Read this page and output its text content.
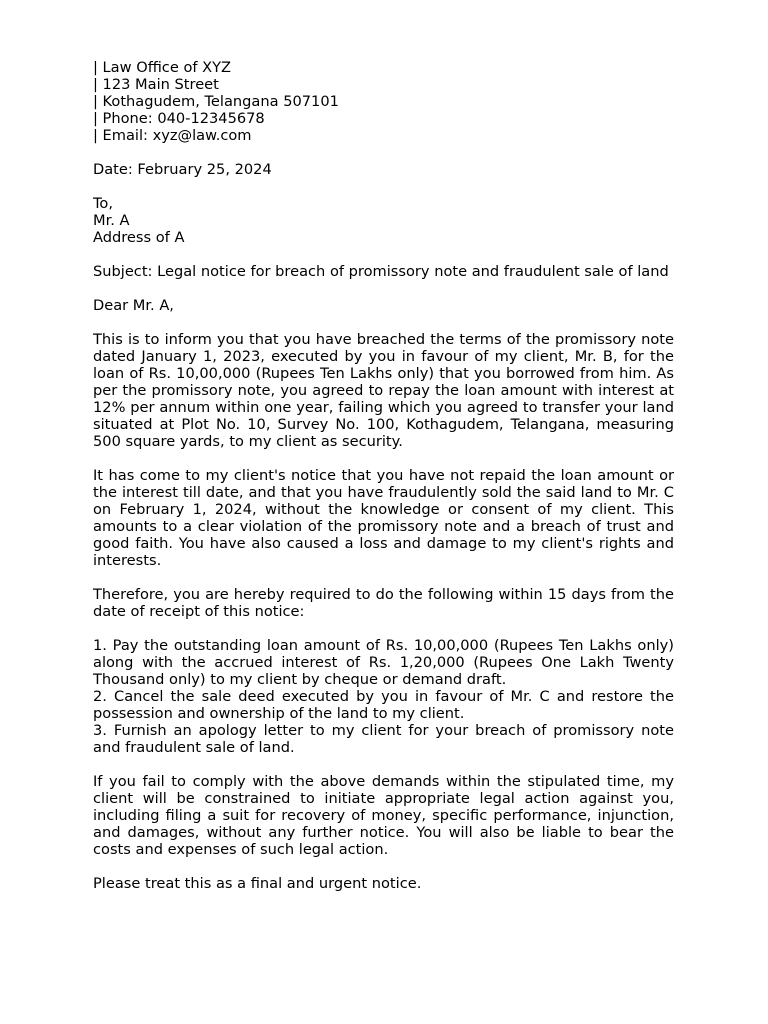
| Law Office of XYZ
| 123 Main Street
| Kothagudem, Telangana 507101
| Phone: 040-12345678
| Email: xyz@law.com
Date: February 25, 2024
To,
Mr. A
Address of A

Subject: Legal notice for breach of promissory note and fraudulent sale of land

Dear Mr. A,

This is to inform you that you have breached the terms of the promissory note dated January 1, 2023, executed by you in favour of my client, Mr. B, for the loan of Rs. 10,00,000 (Rupees Ten Lakhs only) that you borrowed from him. As per the promissory note, you agreed to repay the loan amount with interest at 12% per annum within one year, failing which you agreed to transfer your land situated at Plot No. 10, Survey No. 100, Kothagudem, Telangana, measuring 500 square yards, to my client as security.

It has come to my client's notice that you have not repaid the loan amount or the interest till date, and that you have fraudulently sold the said land to Mr. C on February 1, 2024, without the knowledge or consent of my client. This amounts to a clear violation of the promissory note and a breach of trust and good faith. You have also caused a loss and damage to my client's rights and interests.

Therefore, you are hereby required to do the following within 15 days from the date of receipt of this notice:

1. Pay the outstanding loan amount of Rs. 10,00,000 (Rupees Ten Lakhs only) along with the accrued interest of Rs. 1,20,000 (Rupees One Lakh Twenty Thousand only) to my client by cheque or demand draft.

2. Cancel the sale deed executed by you in favour of Mr. C and restore the possession and ownership of the land to my client.

3. Furnish an apology letter to my client for your breach of promissory note and fraudulent sale of land.

If you fail to comply with the above demands within the stipulated time, my client will be constrained to initiate appropriate legal action against you, including filing a suit for recovery of money, specific performance, injunction, and damages, without any further notice. You will also be liable to bear the costs and expenses of such legal action.

Please treat this as a final and urgent notice.
